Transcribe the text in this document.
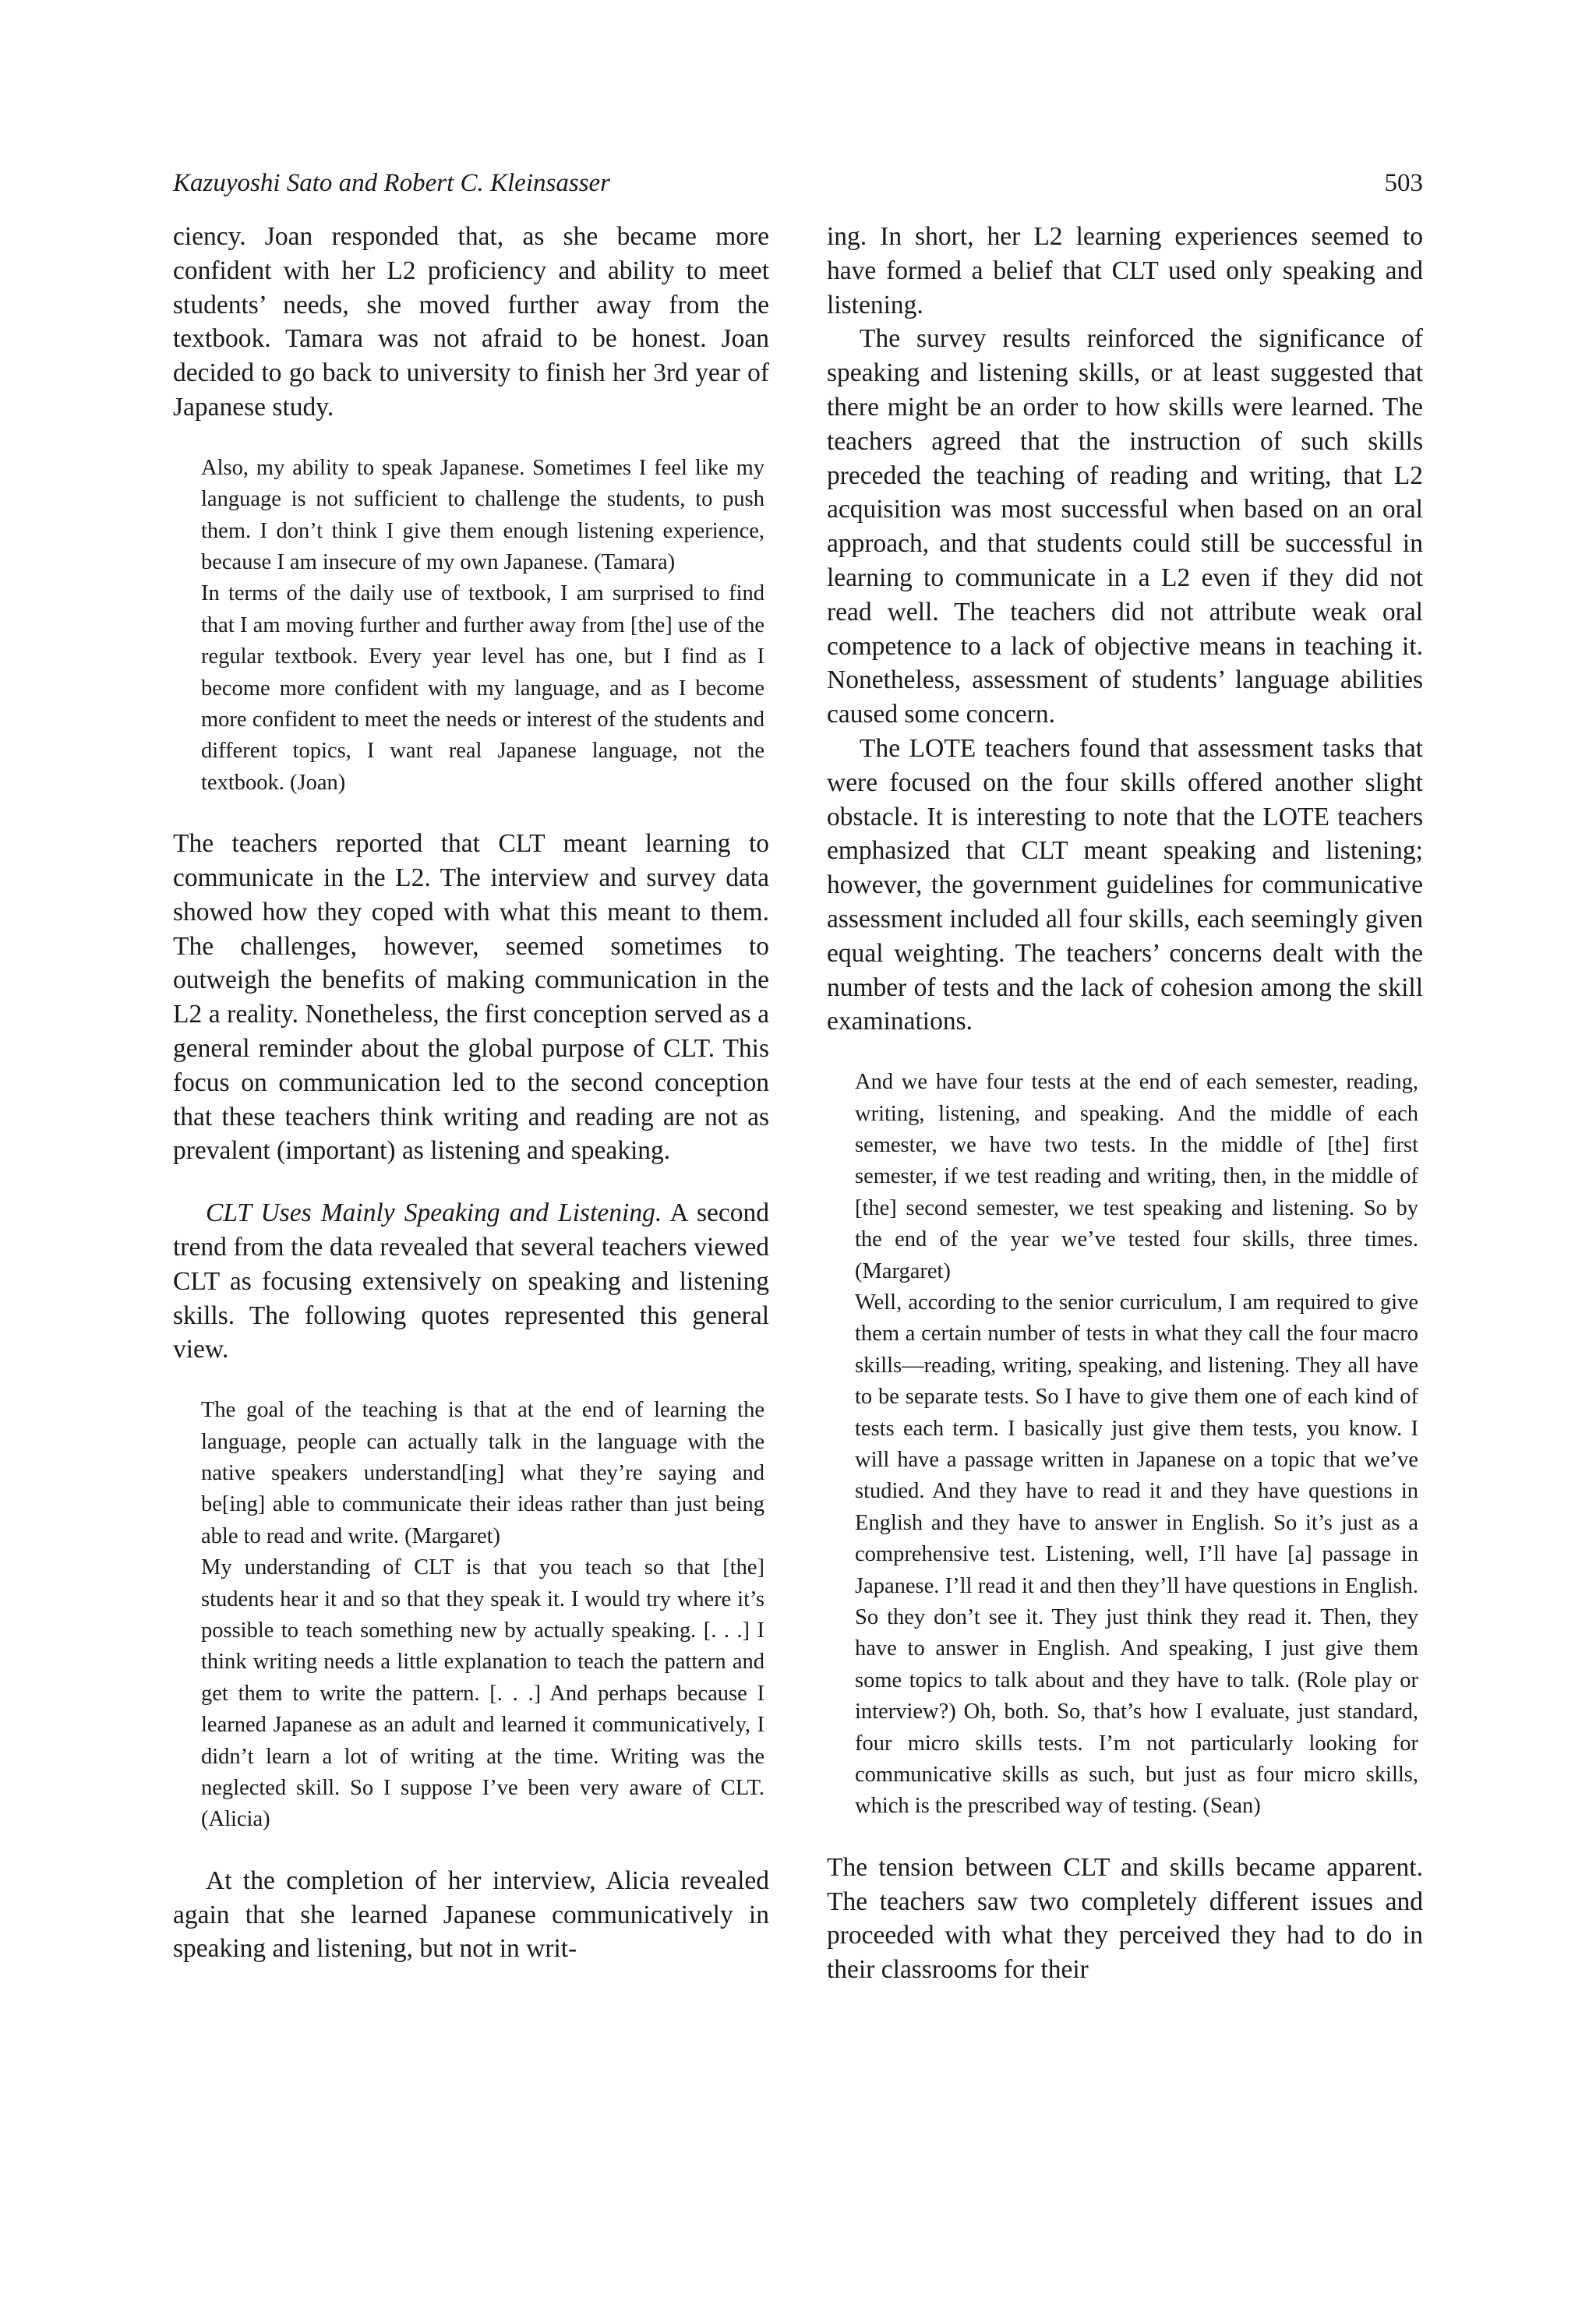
Kazuyoshi Sato and Robert C. Kleinsasser	503

ciency. Joan responded that, as she became more confident with her L2 proficiency and ability to meet students’ needs, she moved further away from the textbook. Tamara was not afraid to be honest. Joan decided to go back to university to finish her 3rd year of Japanese study.

Also, my ability to speak Japanese. Sometimes I feel like my language is not sufficient to challenge the students, to push them. I don’t think I give them enough listening experience, because I am insecure of my own Japanese. (Tamara)

In terms of the daily use of textbook, I am surprised to find that I am moving further and further away from [the] use of the regular textbook. Every year level has one, but I find as I become more confident with my language, and as I become more confident to meet the needs or interest of the students and different topics, I want real Japanese language, not the textbook. (Joan)

The teachers reported that CLT meant learning to communicate in the L2. The interview and survey data showed how they coped with what this meant to them. The challenges, however, seemed sometimes to outweigh the benefits of making communication in the L2 a reality. Nonetheless, the first conception served as a general reminder about the global purpose of CLT. This focus on communication led to the second conception that these teachers think writing and reading are not as prevalent (important) as listening and speaking.

CLT Uses Mainly Speaking and Listening. A second trend from the data revealed that several teachers viewed CLT as focusing extensively on speaking and listening skills. The following quotes represented this general view.

The goal of the teaching is that at the end of learning the language, people can actually talk in the language with the native speakers understand[ing] what they’re saying and be[ing] able to communicate their ideas rather than just being able to read and write. (Margaret)

My understanding of CLT is that you teach so that [the] students hear it and so that they speak it. I would try where it’s possible to teach something new by actually speaking. [. . .] I think writing needs a little explanation to teach the pattern and get them to write the pattern. [. . .] And perhaps because I learned Japanese as an adult and learned it communicatively, I didn’t learn a lot of writing at the time. Writing was the neglected skill. So I suppose I’ve been very aware of CLT. (Alicia)

At the completion of her interview, Alicia revealed again that she learned Japanese communicatively in speaking and listening, but not in writ-

ing. In short, her L2 learning experiences seemed to have formed a belief that CLT used only speaking and listening.

The survey results reinforced the significance of speaking and listening skills, or at least suggested that there might be an order to how skills were learned. The teachers agreed that the instruction of such skills preceded the teaching of reading and writing, that L2 acquisition was most successful when based on an oral approach, and that students could still be successful in learning to communicate in a L2 even if they did not read well. The teachers did not attribute weak oral competence to a lack of objective means in teaching it. Nonetheless, assessment of students’ language abilities caused some concern.

The LOTE teachers found that assessment tasks that were focused on the four skills offered another slight obstacle. It is interesting to note that the LOTE teachers emphasized that CLT meant speaking and listening; however, the government guidelines for communicative assessment included all four skills, each seemingly given equal weighting. The teachers’ concerns dealt with the number of tests and the lack of cohesion among the skill examinations.

And we have four tests at the end of each semester, reading, writing, listening, and speaking. And the middle of each semester, we have two tests. In the middle of [the] first semester, if we test reading and writing, then, in the middle of [the] second semester, we test speaking and listening. So by the end of the year we’ve tested four skills, three times. (Margaret)

Well, according to the senior curriculum, I am required to give them a certain number of tests in what they call the four macro skills—reading, writing, speaking, and listening. They all have to be separate tests. So I have to give them one of each kind of tests each term. I basically just give them tests, you know. I will have a passage written in Japanese on a topic that we’ve studied. And they have to read it and they have questions in English and they have to answer in English. So it’s just as a comprehensive test. Listening, well, I’ll have [a] passage in Japanese. I’ll read it and then they’ll have questions in English. So they don’t see it. They just think they read it. Then, they have to answer in English. And speaking, I just give them some topics to talk about and they have to talk. (Role play or interview?) Oh, both. So, that’s how I evaluate, just standard, four micro skills tests. I’m not particularly looking for communicative skills as such, but just as four micro skills, which is the prescribed way of testing. (Sean)

The tension between CLT and skills became apparent. The teachers saw two completely different issues and proceeded with what they perceived they had to do in their classrooms for their
